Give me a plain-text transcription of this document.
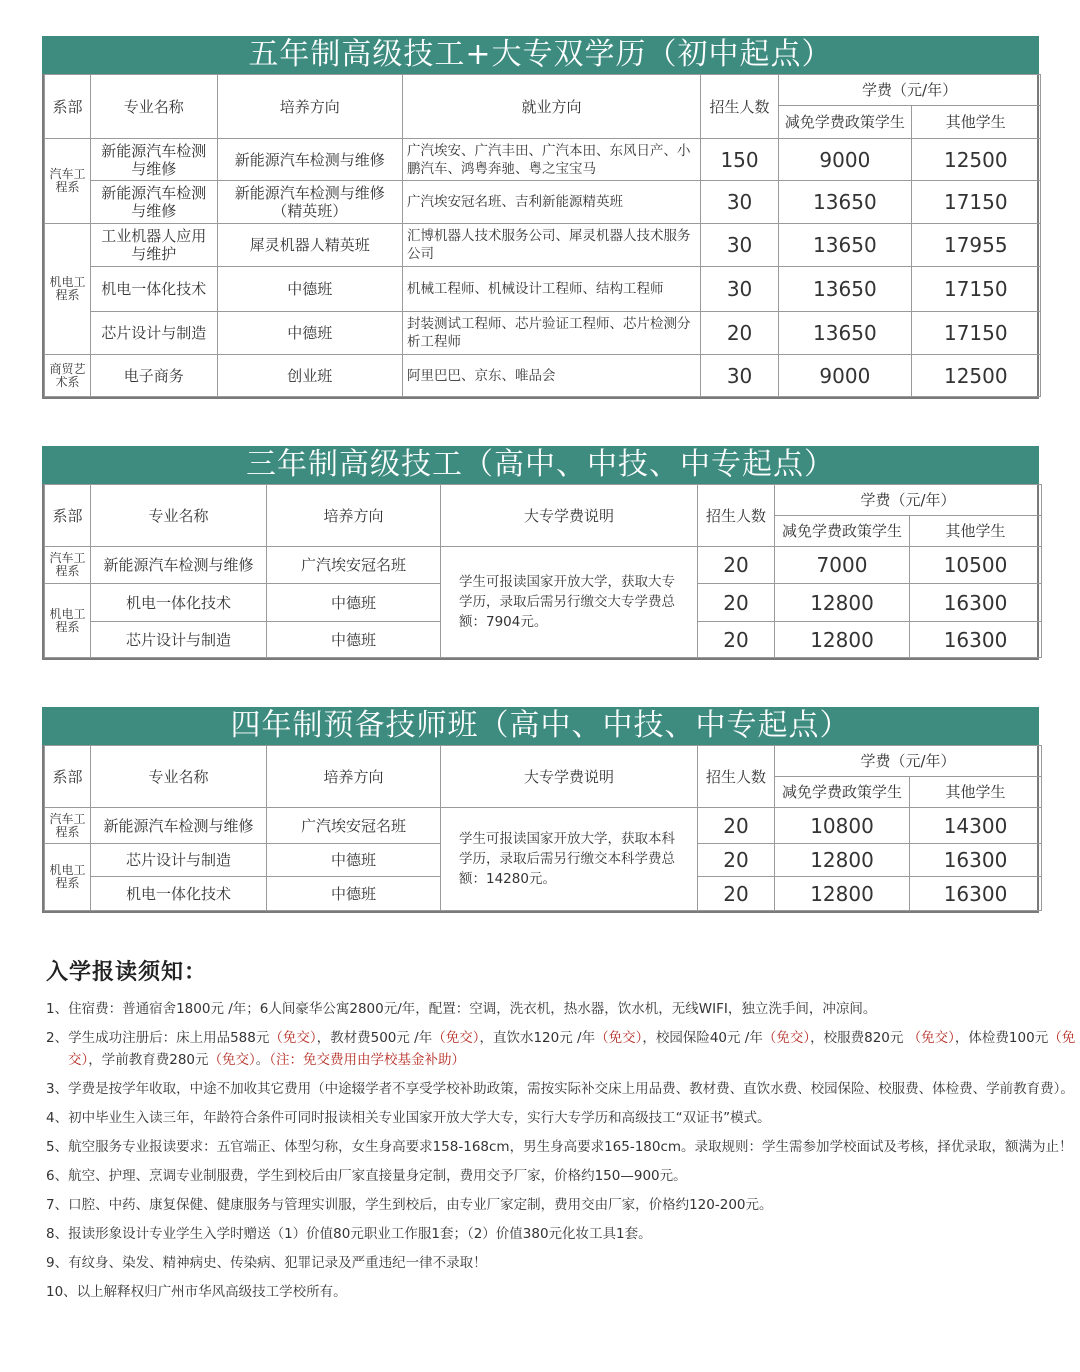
五年制高级技工+大专双学历（初中起点）
系部	专业名称	培养方向	就业方向	招生人数	学费（元/年）	
					减免学费政策学生	其他学生
汽车工程系	新能源汽车检测与维修	新能源汽车检测与维修	广汽埃安、广汽丰田、广汽本田、东风日产、小鹏汽车、鸿粤奔驰、粤之宝宝马	150	9000	12500
	新能源汽车检测与维修	新能源汽车检测与维修（精英班）	广汽埃安冠名班、吉利新能源精英班	30	13650	17150
机电工程系	工业机器人应用与维护	犀灵机器人精英班	汇博机器人技术服务公司、犀灵机器人技术服务公司	30	13650	17955
	机电一体化技术	中德班	机械工程师、机械设计工程师、结构工程师	30	13650	17150
	芯片设计与制造	中德班	封装测试工程师、芯片验证工程师、芯片检测分析工程师	20	13650	17150
商贸艺术系	电子商务	创业班	阿里巴巴、京东、唯品会	30	9000	12500
三年制高级技工（高中、中技、中专起点）
系部	专业名称	培养方向	大专学费说明	招生人数	学费（元/年）	
					减免学费政策学生	其他学生
汽车工程系	新能源汽车检测与维修	广汽埃安冠名班	学生可报读国家开放大学，获取大专学历，录取后需另行缴交大专学费总额：7904元。	20	7000	10500
机电工程系	机电一体化技术	中德班		20	12800	16300
	芯片设计与制造	中德班		20	12800	16300
四年制预备技师班（高中、中技、中专起点）
系部	专业名称	培养方向	大专学费说明	招生人数	学费（元/年）	
					减免学费政策学生	其他学生
汽车工程系	新能源汽车检测与维修	广汽埃安冠名班	学生可报读国家开放大学，获取本科学历，录取后需另行缴交本科学费总额：14280元。	20	10800	14300
机电工程系	芯片设计与制造	中德班		20	12800	16300
	机电一体化技术	中德班		20	12800	16300
入学报读须知：

1、住宿费：普通宿舍1800元 /年；6人间豪华公寓2800元/年，配置：空调，洗衣机，热水器，饮水机，无线WIFI，独立洗手间，冲凉间。

2、学生成功注册后：床上用品588元（免交），教材费500元 /年（免交），直饮水120元 /年（免交），校园保险40元 /年（免交），校服费820元 （免交），体检费100元（免交），学前教育费280元（免交）。（注：免交费用由学校基金补助）

3、学费是按学年收取，中途不加收其它费用（中途辍学者不享受学校补助政策，需按实际补交床上用品费、教材费、直饮水费、校园保险、校服费、体检费、学前教育费）。

4、初中毕业生入读三年，年龄符合条件可同时报读相关专业国家开放大学大专，实行大专学历和高级技工“双证书”模式。

5、航空服务专业报读要求：五官端正、体型匀称，女生身高要求158-168cm，男生身高要求165-180cm。录取规则：学生需参加学校面试及考核，择优录取，额满为止！

6、航空、护理、烹调专业制服费，学生到校后由厂家直接量身定制，费用交予厂家，价格约150—900元。

7、口腔、中药、康复保健、健康服务与管理实训服，学生到校后，由专业厂家定制，费用交由厂家，价格约120-200元。

8、报读形象设计专业学生入学时赠送（1）价值80元职业工作服1套；（2）价值380元化妆工具1套。

9、有纹身、染发、精神病史、传染病、犯罪记录及严重违纪一律不录取！

10、以上解释权归广州市华风高级技工学校所有。
